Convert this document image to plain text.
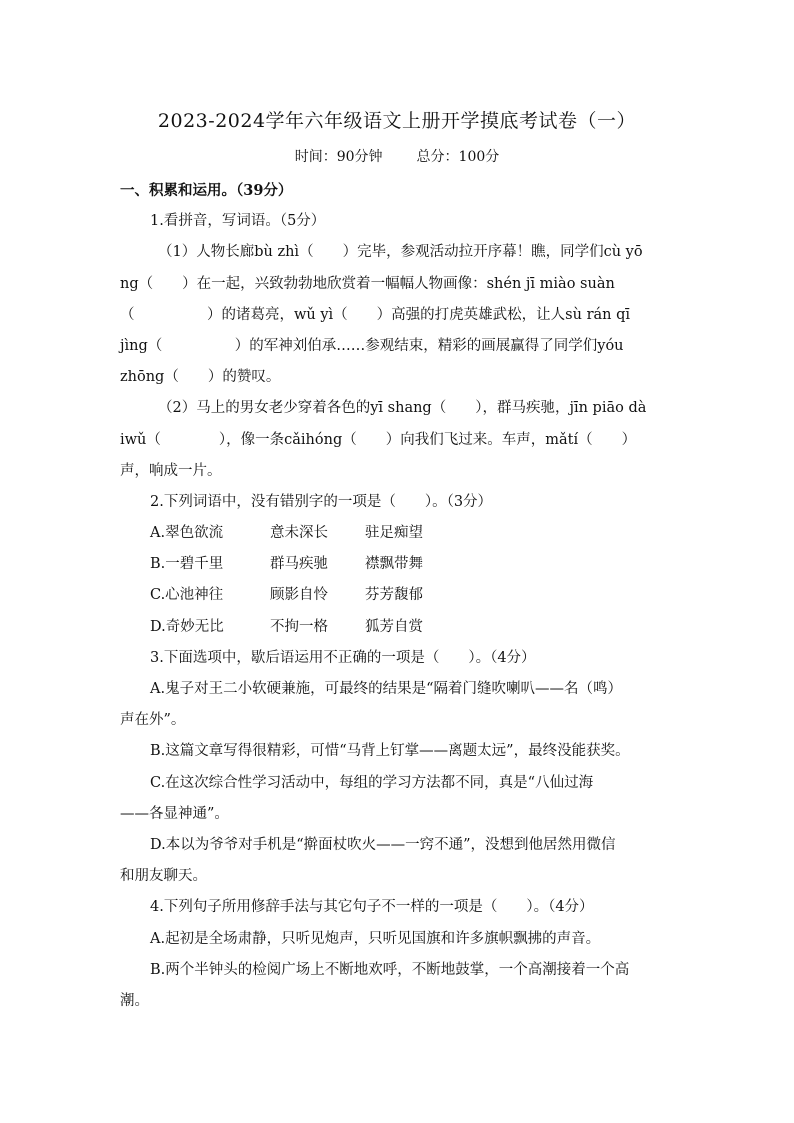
2023-2024学年六年级语文上册开学摸底考试卷（一）
时间：90分钟 总分：100分
一、积累和运用。（39分）
1.看拼音，写词语。（5分）
（1）人物长廊bù zhì（　　）完毕，参观活动拉开序幕！瞧，同学们cù yō
ng（　　）在一起，兴致勃勃地欣赏着一幅幅人物画像：shén jī miào suàn
（　　　　　）的诸葛亮，wǔ yì（　　）高强的打虎英雄武松，让人sù rán qī
jìng（　　　　　）的军神刘伯承……参观结束，精彩的画展赢得了同学们yóu
zhōng（　　）的赞叹。
（2）马上的男女老少穿着各色的yī shang（　　），群马疾驰，jīn piāo dà
iwǔ（　　　　），像一条cǎihóng（　　）向我们飞过来。车声，mǎtí（　　）
声，响成一片。
2.下列词语中，没有错别字的一项是（　　）。（3分）
A.翠色欲流	意未深长	驻足痴望
B.一碧千里	群马疾驰	襟飘带舞
C.心池神往	顾影自怜	芬芳馥郁
D.奇妙无比	不拘一格	狐芳自赏
3.下面选项中，歇后语运用不正确的一项是（　　）。（4分）
A.鬼子对王二小软硬兼施，可最终的结果是“隔着门缝吹喇叭——名（鸣）
声在外”。
B.这篇文章写得很精彩，可惜“马背上钉掌——离题太远”，最终没能获奖。
C.在这次综合性学习活动中，每组的学习方法都不同，真是“八仙过海
——各显神通”。
D.本以为爷爷对手机是“擀面杖吹火——一窍不通”，没想到他居然用微信
和朋友聊天。
4.下列句子所用修辞手法与其它句子不一样的一项是（　　）。（4分）
A.起初是全场肃静，只听见炮声，只听见国旗和许多旗帜飘拂的声音。
B.两个半钟头的检阅广场上不断地欢呼，不断地鼓掌，一个高潮接着一个高
潮。
